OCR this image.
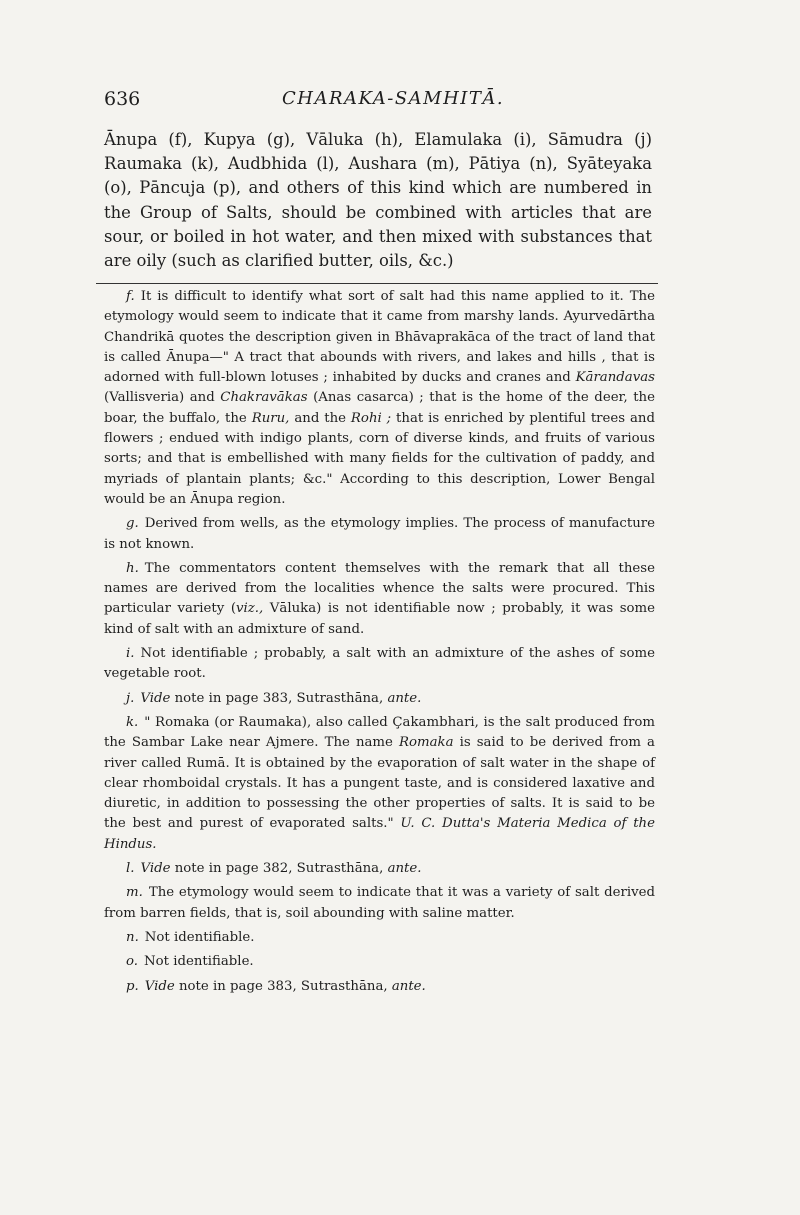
636	CHARAKA-SAMHITĀ.

Ānupa (f), Kupya (g), Vāluka (h), Elamulaka (i), Sāmudra (j) Raumaka (k), Audbhida (l), Aushara (m), Pātiya (n), Syāteyaka (o), Pāncuja (p), and others of this kind which are numbered in the Group of Salts, should be combined with articles that are sour, or boiled in hot water, and then mixed with substances that are oily (such as clarified butter, oils, &c.)

f. It is difficult to identify what sort of salt had this name applied to it. The etymology would seem to indicate that it came from marshy lands. Ayurvedārtha Chandrikā quotes the description given in Bhāvaprakāca of the tract of land that is called Ānupa—" A tract that abounds with rivers, and lakes and hills , that is adorned with full-blown lotuses ; inhabited by ducks and cranes and Kārandavas (Vallisveria) and Chakravākas (Anas casarca) ; that is the home of the deer, the boar, the buffalo, the Ruru, and the Rohi ; that is enriched by plentiful trees and flowers ; endued with indigo plants, corn of diverse kinds, and fruits of various sorts; and that is embellished with many fields for the cultivation of paddy, and myriads of plantain plants; &c." According to this description, Lower Bengal would be an Ānupa region.

g. Derived from wells, as the etymology implies. The process of manufacture is not known.

h. The commentators content themselves with the remark that all these names are derived from the localities whence the salts were procured. This particular variety (viz., Vāluka) is not identifiable now ; probably, it was some kind of salt with an admixture of sand.

i. Not identifiable ; probably, a salt with an admixture of the ashes of some vegetable root.

j. Vide note in page 383, Sutrasthāna, ante.

k. " Romaka (or Raumaka), also called Çakambhari, is the salt produced from the Sambar Lake near Ajmere. The name Romaka is said to be derived from a river called Rumā. It is obtained by the evaporation of salt water in the shape of clear rhomboidal crystals. It has a pungent taste, and is considered laxative and diuretic, in addition to possessing the other properties of salts. It is said to be the best and purest of evaporated salts." U. C. Dutta's Materia Medica of the Hindus.

l. Vide note in page 382, Sutrasthāna, ante.

m. The etymology would seem to indicate that it was a variety of salt derived from barren fields, that is, soil abounding with saline matter.

n. Not identifiable.

o. Not identifiable.

p. Vide note in page 383, Sutrasthāna, ante.
